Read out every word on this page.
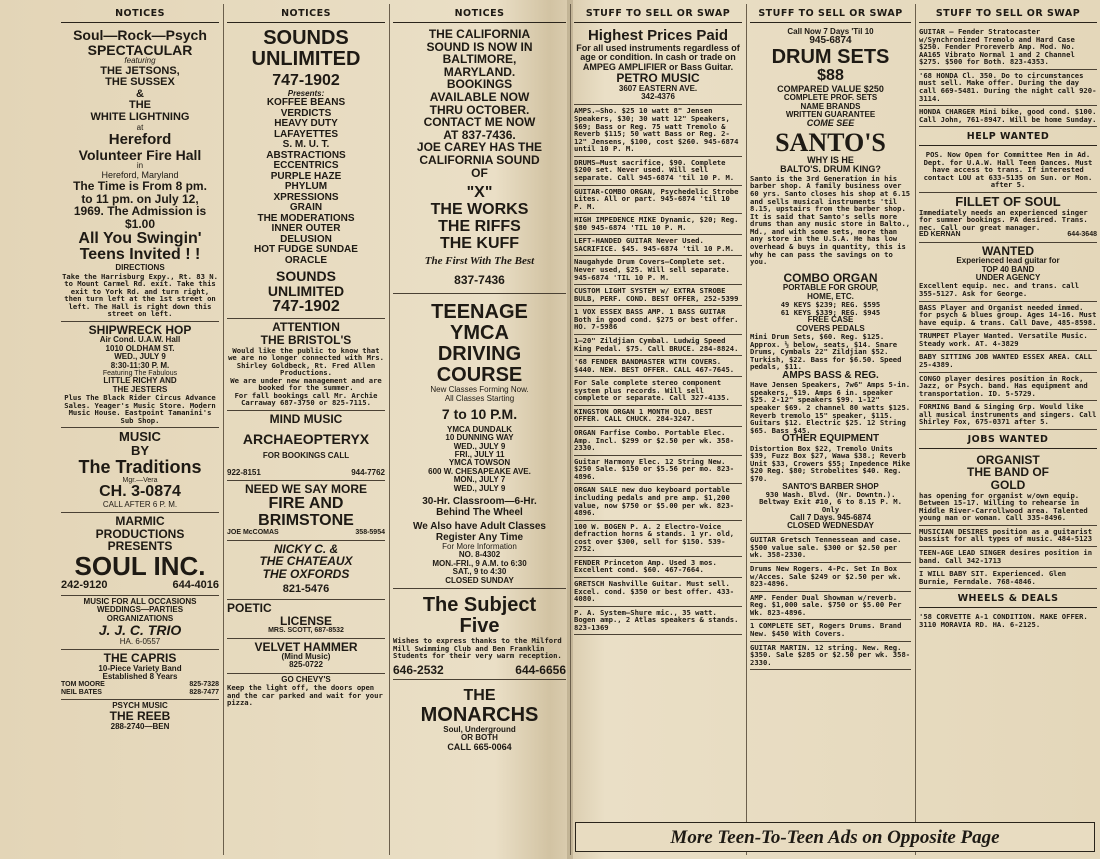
NOTICES
Soul—Rock—Psych
SPECTACULAR
featuring
THE JETSONS,
THE SUSSEX
&
THE
WHITE LIGHTNING
at
Hereford
Volunteer Fire Hall
in
Hereford, Maryland
The Time is From 8 pm.
to 11 pm. on July 12,
1969. The Admission is
$1.00
All You Swingin'
Teens Invited ! !
DIRECTIONS
Take the Harrisburg Expy., Rt. 83 N. to Mount Carmel Rd. exit. Take this exit to York Rd. and turn right, then turn left at the 1st street on left. The Hall is right down this street on left.
SHIPWRECK HOP
Air Cond. U.A.W. Hall
1010 OLDHAM ST.
WED., JULY 9
8:30-11:30 P. M.
Featuring The Fabulous
LITTLE RICHY AND
THE JESTERS
Plus The Black Rider Circus Advance Sales. Yeager's Music Store. Modern Music House. Eastpoint Tamanini's Sub Shop.
MUSIC
BY
The Traditions
Mgr.—Vera
CH. 3-0874
CALL AFTER 6 P. M.
MARMIC
PRODUCTIONS
PRESENTS
SOUL INC.
242-9120	644-4016
MUSIC FOR ALL OCCASIONS
WEDDINGS—PARTIES
ORGANIZATIONS
J. J. C. TRIO
HA. 6-0557
THE CAPRIS
10-Piece Variety Band
Established 8 Years
TOM MOORE	825-7328
NEIL BATES	828-7477
PSYCH MUSIC
THE REEB
288-2740—BEN
NOTICES
SOUNDS
UNLIMITED
747-1902
Presents:
KOFFEE BEANS
VERDICTS
HEAVY DUTY
LAFAYETTES
S. M. U. T.
ABSTRACTIONS
ECCENTRICS
PURPLE HAZE
PHYLUM
XPRESSIONS
GRAIN
THE MODERATIONS
INNER OUTER
DELUSION
HOT FUDGE SUNDAE
ORACLE
SOUNDS
UNLIMITED
747-1902
ATTENTION
THE BRISTOL'S
Would like the public to know that we are no longer connected with Mrs. Shirley Goldbeck, Rt. Fred Allen Productions.
We are under new management and are booked for the summer.
For fall bookings call Mr. Archie Carraway 687-3750 or 825-7115.
MIND MUSIC
ARCHAEOPTERYX
FOR BOOKINGS CALL
922-8151	944-7762
NEED WE SAY MORE
FIRE AND
BRIMSTONE
JOE McCOMAS	358-5954
NICKY C. &
THE CHATEAUX
THE OXFORDS
821-5476
POETIC
LICENSE
MRS. SCOTT, 687-8532
VELVET HAMMER
(Mind Music)
825-0722
GO CHEVY'S
Keep the light off, the doors open and the car parked and wait for your pizza.
NOTICES
THE CALIFORNIA
SOUND IS NOW IN
BALTIMORE,
MARYLAND.
BOOKINGS
AVAILABLE NOW
THRU OCTOBER.
CONTACT ME NOW
AT 837-7436.
JOE CAREY HAS THE
CALIFORNIA SOUND
OF
"X"
THE WORKS
THE RIFFS
THE KUFF
The First With The Best
837-7436
TEENAGE
YMCA
DRIVING
COURSE
New Classes Forming Now.
All Classes Starting
7 to 10 P.M.
YMCA DUNDALK
10 DUNNING WAY
WED., JULY 9
FRI., JULY 11
YMCA TOWSON
600 W. CHESAPEAKE AVE.
MON., JULY 7
WED., JULY 9
30-Hr. Classroom—6-Hr.
Behind The Wheel
We Also have Adult Classes
Register Any Time
For More Information
NO. 8-4302
MON.-FRI., 9 A.M. to 6:30
SAT., 9 to 4:30
CLOSED SUNDAY
The Subject
Five
Wishes to express thanks to the Milford Mill Swimming Club and Ben Franklin Students for their very warm reception.
646-2532	644-6656
THE
MONARCHS
Soul, Underground
OR BOTH
CALL 665-0064
STUFF TO SELL OR SWAP
Highest Prices Paid
For all used instruments regardless of age or condition. In cash or trade on AMPEG AMPLIFIER or Bass Guitar.
PETRO MUSIC
3607 EASTERN AVE.
342-4376
AMPS.—Sho. $25 10 watt 8" Jensen Speakers, $30; 30 watt 12" Speakers, $69; Bass or Reg. 75 watt Tremolo & Reverb $115; 50 watt Bass or Reg. 2-12" Jensens, $100, cost $260. 945-6874 until 10 P. M.
DRUMS—Must sacrifice, $90. Complete $200 set. Never used. Will sell separate. Call 945-6874 'til 10 P. M.
GUITAR-COMBO ORGAN, Psychedelic Strobe Lites. All or part. 945-6874 'til 10 P. M.
HIGH IMPEDENCE MIKE Dynamic, $20; Reg. $80 945-6874 'TIL 10 P. M.
LEFT-HANDED GUITAR Never Used. SACRIFICE. $45. 945-6874 'til 10 P.M.
Naugahyde Drum Covers—Complete set. Never used, $25. Will sell separate. 945-6874 'TIL 10 P. M.
CUSTOM LIGHT SYSTEM w/ EXTRA STROBE BULB, PERF. COND. BEST OFFER, 252-5399
1 VOX ESSEX BASS AMP. 1 BASS GUITAR Both in good cond. $275 or best offer. HO. 7-5986
1—20" Zildjian Cymbal. Ludwig Speed King Pedal. $75. Call BRUCE. 284-8824.
'68 FENDER BANDMASTER WITH COVERS. $440. NEW. BEST OFFER. CALL 467-7645.
For Sale complete stereo component system plus records. Will sell complete or separate. Call 327-4135.
KINGSTON ORGAN 1 MONTH OLD. BEST OFFER. CALL CHUCK. 284-3247.
ORGAN Farfise Combo. Portable Elec. Amp. Incl. $299 or $2.50 per wk. 358-2330.
Guitar Harmony Elec. 12 String New. $250 Sale. $150 or $5.56 per mo. 823-4896.
ORGAN SALE new duo keyboard portable including pedals and pre amp. $1,200 value, now $750 or $5.00 per wk. 823-4896.
100 W. BOGEN P. A. 2 Electro-Voice defraction horns & stands. 1 yr. old, cost over $300, sell for $150. 539-2752.
FENDER Princeton Amp. Used 3 mos. Excellent cond. $60. 467-7664.
GRETSCH Nashville Guitar. Must sell. Excel. cond. $350 or best offer. 433-4080.
P. A. System—Shure mic., 35 watt. Bogen amp., 2 Atlas speakers & stands. 823-1369
STUFF TO SELL OR SWAP
Call Now 7 Days 'Til 10
945-6874
DRUM SETS
$88
COMPARED VALUE $250
COMPLETE PROF. SETS
NAME BRANDS
WRITTEN GUARANTEE
COME SEE
SANTO'S
WHY IS HE
BALTO'S. DRUM KING?
Santo is the 3rd Generation in his barber shop. A family business over 60 yrs. Santo closes his shop at 6.15 and sells musical instruments 'til 8.15, upstairs from the barber shop. It is said that Santo's sells more drums than any music store in Balto., Md., and with some sets, more than any store in the U.S.A. He has low overhead & buys in quantity, this is why he can pass the savings on to you.
COMBO ORGAN
PORTABLE FOR GROUP,
HOME, ETC.
49 KEYS $239; REG. $595
61 KEYS $339; REG. $945
FREE CASE
COVERS PEDALS
Mini Drum Sets, $60. Reg. $125. Approx. ½ below, seats, $14. Snare Drums, Cymbals 22" Zildjian $52. Turkish, $22. Bass for $6.50. Speed pedals, $11.
AMPS BASS & REG.
Have Jensen Speakers, 7w6" Amps 5-in. speakers, $19. Amps 6 in. speaker $25. 2-12" speakers $99. 1-12" speaker $69. 2 channel 80 watts $125. Reverb tremolo 15" speaker, $115. Guitars $12. Electric $25. 12 String $65. Bass $45.
OTHER EQUIPMENT
Distortion Box $22, Tremolo Units $39, Fuzz Box $27, Wawa $38.; Reverb Unit $33, Crowers $55; Inpedence Mike $20 Reg. $80; Strobelites $40. Reg. $70.
SANTO'S BARBER SHOP
930 Wash. Blvd. (Nr. Downtn.). Beltway Exit #10, 6 to 8.15 P. M. Only
Call 7 Days. 945-6874
CLOSED WEDNESDAY
GUITAR Gretsch Tennessean and case. $500 value sale. $300 or $2.50 per wk. 358-2330.
Drums New Rogers. 4-Pc. Set In Box w/Acces. Sale $249 or $2.50 per wk. 823-4896.
AMP. Fender Dual Showman w/reverb. Reg. $1,000 sale. $750 or $5.00 Per Wk. 823-4896.
1 COMPLETE SET, Rogers Drums. Brand New. $450 With Covers.
GUITAR MARTIN. 12 string. New. Reg. $350. Sale $285 or $2.50 per wk. 358-2330.
STUFF TO SELL OR SWAP
GUITAR — Fender Stratocaster w/Synchronized Tremolo and Hard Case $250. Fender Proreverb Amp. Mod. No. AA165 Vibrato Normal 1 and 2 Channel $275. $500 for Both. 823-4353.
'68 HONDA Cl. 350. Do to circumstances must sell. Make offer. During the day call 669-5481. During the night call 920-3114.
HONDA CHARGER Mini bike, good cond. $100. Call John, 761-8947. Will be home Sunday.
HELP WANTED
POS. Now Open for Committee Men in Ad. Dept. for U.A.W. Hall Teen Dances. Must have access to trans. If interested contact LOU at 633-5135 on Sun. or Mon. after 5.
FILLET OF SOUL
Immediately needs an experienced singer for summer bookings. PA desired. Trans. nec. Call our great manager.
ED KERNAN	644-3648
WANTED
Experienced lead guitar for
TOP 40 BAND
UNDER AGENCY
Excellent equip. nec. and trans. call 355-5127. Ask for George.
BASS Player and Organist needed immed. for psych & blues group. Ages 14-16. Must have equip. & trans. Call Dave, 485-8598.
TRUMPET Player Wanted. Versatile Music. Steady work. AT. 4-3829
BABY SITTING JOB WANTED ESSEX AREA. CALL 25-4389.
CONGO player desires position in Rock, Jazz, or Psych. band. Has equipment and transportation. ID. 5-5729.
FORMING Band & Singing Grp. Would like all musical instruments and singers. Call Shirley Fox, 675-0371 after 5.
JOBS WANTED
ORGANIST
THE BAND OF
GOLD
has opening for organist w/own equip. Between 15-17. Willing to rehearse in Middle River-Carrollwood area. Talented young man or woman. Call 335-8496.
MUSICIAN DESIRES position as a guitarist bassist for all types of music. 484-5123
TEEN-AGE LEAD SINGER desires position in band. Call 342-1713
I WILL BABY SIT. Experienced. Glen Burnie, Ferndale. 768-4846.
WHEELS & DEALS
'58 CORVETTE A-1 CONDITION. MAKE OFFER. 3110 MORAVIA RD. HA. 6-2125.
More Teen-To-Teen Ads on Opposite Page
